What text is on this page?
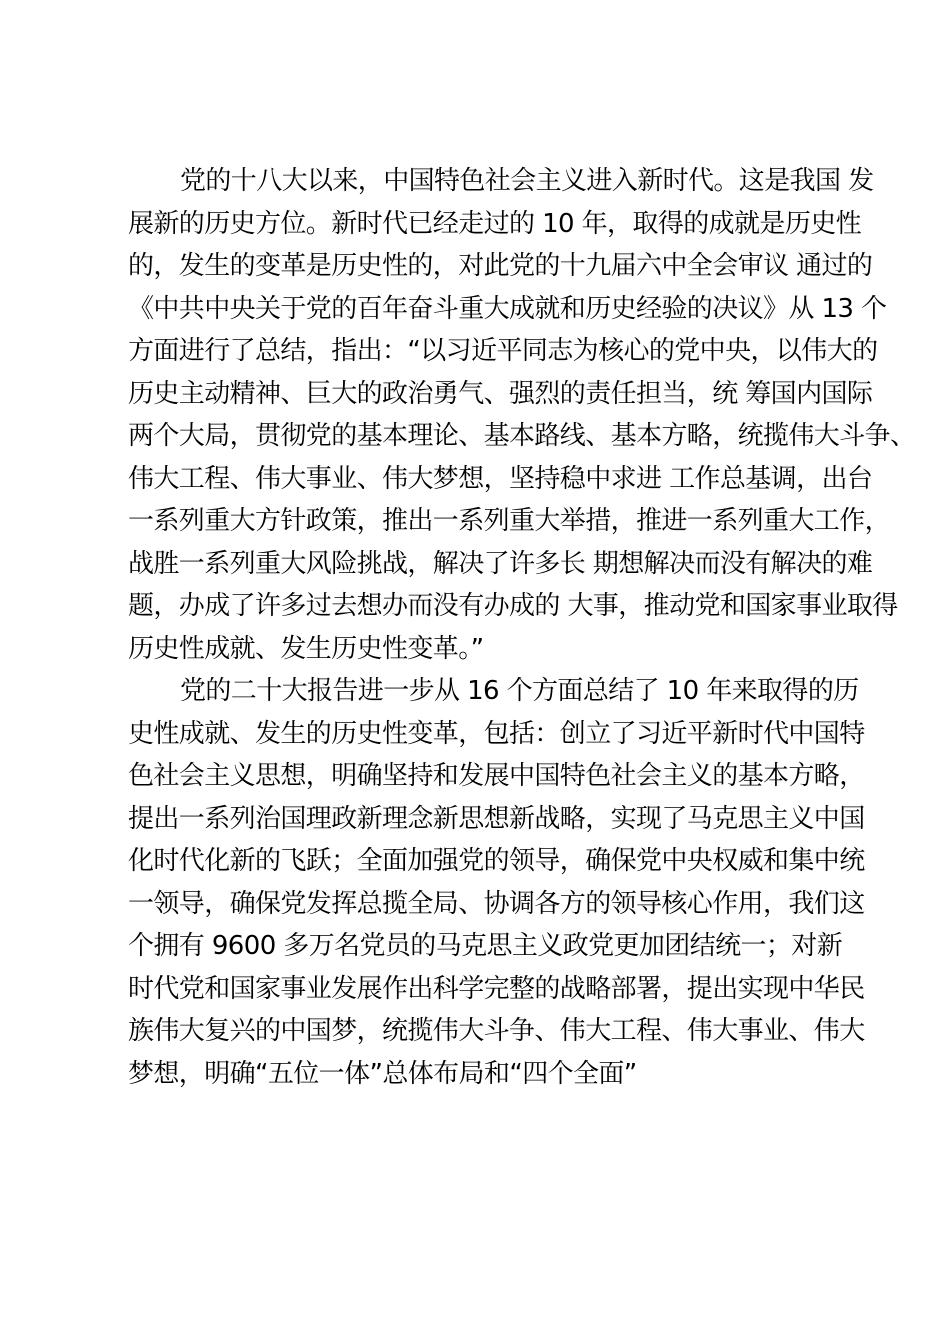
党的十八大以来，中国特色社会主义进入新时代。这是我国 发
展新的历史方位。新时代已经走过的 10 年，取得的成就是历史性
的，发生的变革是历史性的，对此党的十九届六中全会审议 通过的
《中共中央关于党的百年奋斗重大成就和历史经验的决议》从 13 个
方面进行了总结，指出：“以习近平同志为核心的党中央，以伟大的
历史主动精神、巨大的政治勇气、强烈的责任担当，统 筹国内国际
两个大局，贯彻党的基本理论、基本路线、基本方略，统揽伟大斗争、
伟大工程、伟大事业、伟大梦想，坚持稳中求进 工作总基调，出台
一系列重大方针政策，推出一系列重大举措，推进一系列重大工作，
战胜一系列重大风险挑战，解决了许多长 期想解决而没有解决的难
题，办成了许多过去想办而没有办成的 大事，推动党和国家事业取得
历史性成就、发生历史性变革。”
党的二十大报告进一步从 16 个方面总结了 10 年来取得的历
史性成就、发生的历史性变革，包括：创立了习近平新时代中国特
色社会主义思想，明确坚持和发展中国特色社会主义的基本方略，
提出一系列治国理政新理念新思想新战略，实现了马克思主义中国
化时代化新的飞跃；全面加强党的领导，确保党中央权威和集中统
一领导，确保党发挥总揽全局、协调各方的领导核心作用，我们这
个拥有 9600 多万名党员的马克思主义政党更加团结统一；对新
时代党和国家事业发展作出科学完整的战略部署，提出实现中华民
族伟大复兴的中国梦，统揽伟大斗争、伟大工程、伟大事业、伟大
梦想，明确“五位一体”总体布局和“四个全面”
